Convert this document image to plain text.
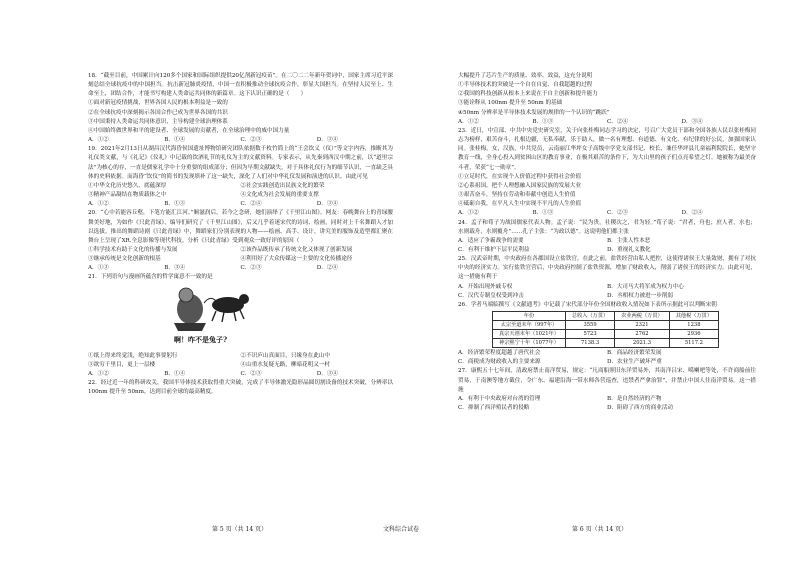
18．“截至目前，中国累计向120多个国家和国际组织提供20亿剂新冠疫苗”。在二〇二二年新年贺词中，国家主席习近平深刻总结全球抗疫中的中国担当。抗击新冠肺炎疫情，中国一直积极推动全球抗疫合作，彰显大国担当。在坚持人民至上、生命至上，团结合作，才能书写构建人类命运共同体的新篇章。这下认识正确的是（　　）

①面对新冠疫情挑战，世界各国人民的根本利益是一致的

②在全球抗疫中深刻揭示各国合作已成为世界各国的共识

③中国秉持人类命运共同体意识，主导构建全球治理体系

④中国始终做世界和平的建设者、全球发展的贡献者，在全球治理中的威中国力量

A．①②	B．①④	C．②③	D．③④

19．2021年2月13日从湖昌汉代海昏侯国遗址博物馆研究团队依据数千枚竹简上的“王会饮义（仪）”等文字内容，推断其为礼仪类文献，与《礼记》《仪礼》中记载的饮酒礼节的礼仪为主的文献资料。专家表示，从先秦到西汉中期之前，以“道里宗法”为核心的存，一直是儒家礼学中十分重要的组成部分；但因为早期文献缺失，对于具体礼仪行为的细节认识，一直缺乏具体的史料依据。而海昏“饮仪”的简书的发现填补了这一缺失，深化了人们对中华礼仪发展和演进的认识。由此可见

①中华文化历史悠久、底蕴深厚	②社会实践创造出民族文化的繁荣
③精神产品凝结在物质载体之中	④文化成为社会发展的重要支撑
A．①②	B．①③	C．②④	D．③④

20．“心中若能容丘壑，下笔方能汇江河。”顺滋润后，若今之念研，她们演绎了《千里江山图》。网友：春晚舞台上的青绿腰舞美好地，为如作《只此青绿》，编导们研究了《千里江山图》，后又几乎着迷宋代的诗词、绘画，同时对上千名舞蹈人才加以选拔。推出的舞蹈诗剧《只此青绿》中，舞蹈家们分别表现的人物——绘画、高手、设计，讲究美的服饰及造型都汇聚在舞台上呈现了XR.全息影像等现代科技。分析《只此青绿》受到观众一致好评的原因（　　）

①科学技术有助于文化的传播与发展	②该作品既传承了传统文化又体现了创新发展
③继承传统是文化创新的根基	④利用好了大众传媒这一主要的文化传播途径
A．①③	B．③④	C．②③	D．②④

21．下列语句与漫画所蕴含的哲学寓意不一致的是

啊！咋不是兔子?
①纸上得来终觉浅，绝知此事要躬行	②不识庐山真面目，只缘身在此山中
③欲穷千里目，更上一层楼	④山重水复疑无路，柳暗花明又一村
A．①②	B．①④	C．②③	D．③④

22．经过近一年的科研攻关，我国半导体技术获取得重大突破，完成了半导体激光隐形晶圆切割设备的技术突破，分辨率以 100nm 提升至 50nm，达到目前全球的最高精度。

大幅提升了芯片生产的质量、效率、效益，这充分说明

①半导体技术的突破是一个自在自觉、自我超越的过程

②我国的科技创新从根本上来说在于自主创新和提升能力

③能诠释从 100nm 提升至 50nm 的基础

④50nm 分辨率是半导体技术发展的规律的一个认识的“跳跃”

A．①②	B．①③	C．②④	D．③④

23．近日，中宣部、中共中央党史研究室，关于向张桂梅同志学习的决定，号召广大党员干部和全国各族人民以张桂梅同志为榜样，艰苦奋斗，扎根边疆，无私奉献，乐于助人，做一名有理想、有道德、有文化、有纪律的好公民，加强国家认同。张桂梅，女，汉族，中共党员，云南丽江华坪女子高级中学党支部书记、校长，兼任华坪县儿童福利院院长，她坚守教育一线，全身心投入到贫困山区的教育事业，在极其艰苦的条件下，为大山里的孩子们点亮希望之灯。她被称为最美奋斗者，荣获“七一勋章”。

①立足时代，在实现个人价值过程中获得社会价值

②心系祖国，把个人理想融入国家民族的发展大业

③艰苦奋斗，坚持在劳动和奉献中创造人生价值

④砥砺自我，在平凡人生中实现不平凡的人生价值

A．①②	B．①③	C．②③	D．②④

24．孟子和荀子为战国儒家代表人物。孟子说：“民为贵，社稷次之，君为轻。”荀子说：“君者，舟也；庶人者，水也；水则载舟，水则覆舟”……孔子主张：“为政以德”。这说明他们都主张

A．适应了争霸战争的需要	B．主张人性本恶
C．有利于维护下层平民利益	D．重视礼义教化

25．汉武帝时期，中央政府在各郡国设立盐铁官，在此之前，盐铁经营由私人把控，这使得诸侯王大量敛财，拥有了对抗中央的经济实力。实行盐铁官营后，中央政府控制了盐铁资源，增加了财政收入，削弱了诸侯王的经济实力。由此可见，这一措施有利于

A．开始出现外戚专权	B．大司马大将军成为权力中心
C．汉代专制皇权受到冲击	D．丞相权力被进一步削弱

26．学者马端临撰写《文献通考》中记载了宋代部分年份全国财政收入情况如下表所示据此可以判断宋朝

年份	总收入（万贯）	农业两税（万贯）	其他税（万贯）
太宗至道末年（997年）	3559	2321	1238
真宗天禧末年（1021年）	5723	2762	2936
神宗熙宁十年（1077年）	7138.3	2021.3	5117.2
A．经济繁荣程度超越了唐代社会	B．商品经济繁荣发展
C．商税成为财政收入的主要来源	D．农业生产破坏严重

27．康熙五十七年间，清政府禁止南洋贸易，规定：“凡商船照旧东洋贸易外，其南洋吕宋、噶喇吧等处，不许商船前往贸易，于南澳等地方截住，令广东、福建沿海一带水师各营巡查，违禁者严拿治罪”，并禁止中国人往南洋贸易。这一措施

A．有利于中央政府对台湾的管理	B．是自然经济的产物
C．抑制了西洋殖民者的侵略	D．阻碍了西方的商业活动
第 5 页（共 14 页）	文科综合试卷	第 6 页（共 14 页）
